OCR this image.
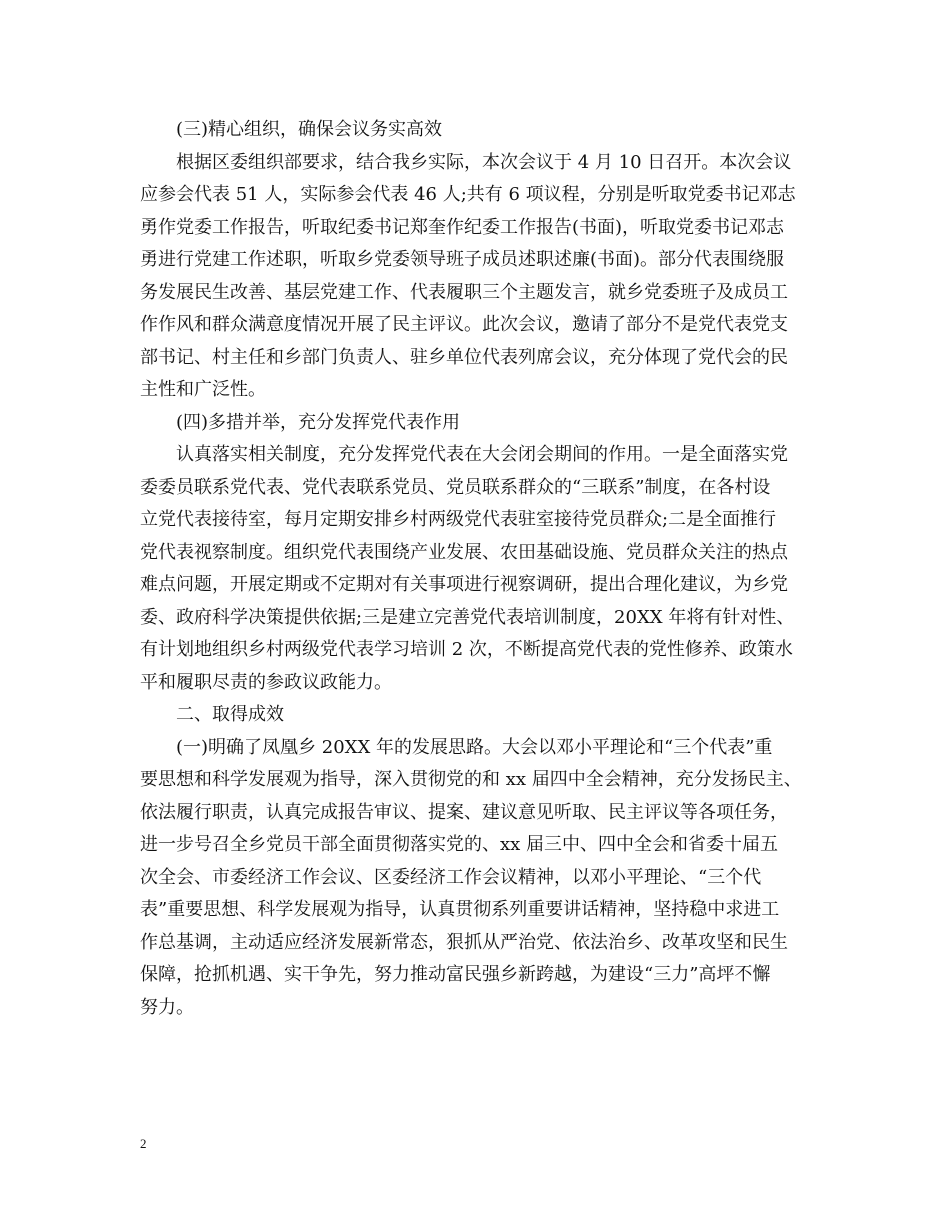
(三)精心组织，确保会议务实高效
根据区委组织部要求，结合我乡实际，本次会议于 4 月 10 日召开。本次会议
应参会代表 51 人，实际参会代表 46 人;共有 6 项议程，分别是听取党委书记邓志
勇作党委工作报告，听取纪委书记郑奎作纪委工作报告(书面)，听取党委书记邓志
勇进行党建工作述职，听取乡党委领导班子成员述职述廉(书面)。部分代表围绕服
务发展民生改善、基层党建工作、代表履职三个主题发言，就乡党委班子及成员工
作作风和群众满意度情况开展了民主评议。此次会议，邀请了部分不是党代表党支
部书记、村主任和乡部门负责人、驻乡单位代表列席会议，充分体现了党代会的民
主性和广泛性。
(四)多措并举，充分发挥党代表作用
认真落实相关制度，充分发挥党代表在大会闭会期间的作用。一是全面落实党
委委员联系党代表、党代表联系党员、党员联系群众的“三联系”制度，在各村设
立党代表接待室，每月定期安排乡村两级党代表驻室接待党员群众;二是全面推行
党代表视察制度。组织党代表围绕产业发展、农田基础设施、党员群众关注的热点
难点问题，开展定期或不定期对有关事项进行视察调研，提出合理化建议，为乡党
委、政府科学决策提供依据;三是建立完善党代表培训制度，20XX 年将有针对性、
有计划地组织乡村两级党代表学习培训 2 次，不断提高党代表的党性修养、政策水
平和履职尽责的参政议政能力。
二、取得成效
(一)明确了凤凰乡 20XX 年的发展思路。大会以邓小平理论和“三个代表”重
要思想和科学发展观为指导，深入贯彻党的和 xx 届四中全会精神，充分发扬民主、
依法履行职责，认真完成报告审议、提案、建议意见听取、民主评议等各项任务，
进一步号召全乡党员干部全面贯彻落实党的、xx 届三中、四中全会和省委十届五
次全会、市委经济工作会议、区委经济工作会议精神，以邓小平理论、“三个代
表”重要思想、科学发展观为指导，认真贯彻系列重要讲话精神，坚持稳中求进工
作总基调，主动适应经济发展新常态，狠抓从严治党、依法治乡、改革攻坚和民生
保障，抢抓机遇、实干争先，努力推动富民强乡新跨越，为建设“三力”高坪不懈
努力。
2
